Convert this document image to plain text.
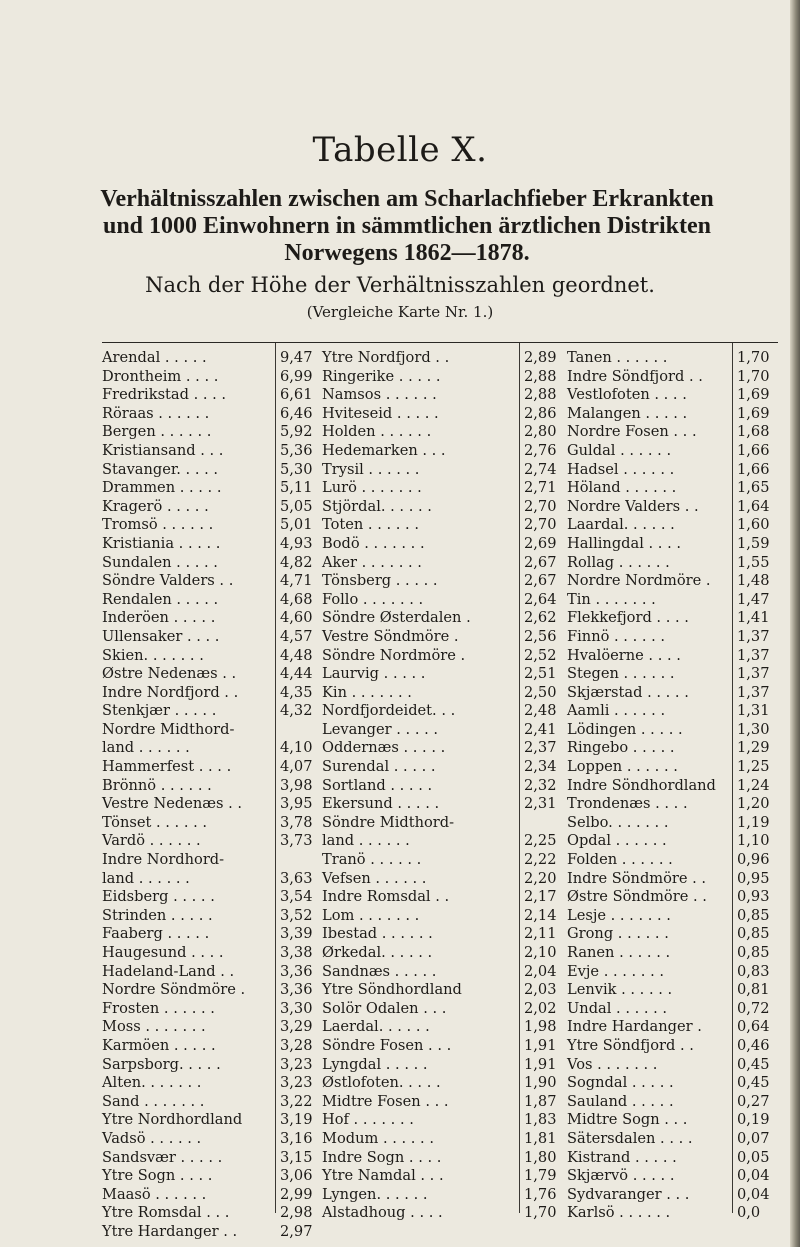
Tabelle X.
Verhältnisszahlen zwischen am Scharlachfieber Erkrankten und 1000 Einwohnern in sämmtlichen ärztlichen Distrikten Norwegens 1862—1878.
Nach der Höhe der Verhältnisszahlen geordnet.
(Vergleiche Karte Nr. 1.)
Arendal . . . . .
Drontheim . . . .
Fredrikstad . . . .
Röraas . . . . . .
Bergen . . . . . .
Kristiansand . . .
Stavanger. . . . .
Drammen . . . . .
Kragerö . . . . .
Tromsö . . . . . .
Kristiania . . . . .
Sundalen . . . . .
Söndre Valders . .
Rendalen . . . . .
Inderöen . . . . .
Ullensaker . . . .
Skien. . . . . . .
Østre Nedenæs . .
Indre Nordfjord . .
Stenkjær . . . . .
Nordre Midthord-
land . . . . . .
Hammerfest . . . .
Brönnö . . . . . .
Vestre Nedenæs . .
Tönset . . . . . .
Vardö . . . . . .
Indre Nordhord-
land . . . . . .
Eidsberg . . . . .
Strinden . . . . .
Faaberg . . . . .
Haugesund . . . .
Hadeland-Land . .
Nordre Söndmöre .
Frosten . . . . . .
Moss . . . . . . .
Karmöen . . . . .
Sarpsborg. . . . .
Alten. . . . . . .
Sand . . . . . . .
Ytre Nordhordland
Vadsö . . . . . .
Sandsvær . . . . .
Ytre Sogn . . . .
Maasö . . . . . .
Ytre Romsdal . . .
Ytre Hardanger . .
9,47
6,99
6,61
6,46
5,92
5,36
5,30
5,11
5,05
5,01
4,93
4,82
4,71
4,68
4,60
4,57
4,48
4,44
4,35
4,32
4,10
4,07
3,98
3,95
3,78
3,73
3,63
3,54
3,52
3,39
3,38
3,36
3,36
3,30
3,29
3,28
3,23
3,23
3,22
3,19
3,16
3,15
3,06
2,99
2,98
2,97
Ytre Nordfjord . .
Ringerike . . . . .
Namsos . . . . . .
Hviteseid . . . . .
Holden . . . . . .
Hedemarken . . .
Trysil . . . . . .
Lurö . . . . . . .
Stjördal. . . . . .
Toten . . . . . .
Bodö . . . . . . .
Aker . . . . . . .
Tönsberg . . . . .
Follo . . . . . . .
Söndre Østerdalen .
Vestre Söndmöre .
Söndre Nordmöre .
Laurvig . . . . .
Kin . . . . . . .
Nordfjordeidet. . .
Levanger . . . . .
Oddernæs . . . . .
Surendal . . . . .
Sortland . . . . .
Ekersund . . . . .
Söndre Midthord-
land . . . . . .
Tranö . . . . . .
Vefsen . . . . . .
Indre Romsdal . .
Lom . . . . . . .
Ibestad . . . . . .
Ørkedal. . . . . .
Sandnæs . . . . .
Ytre Söndhordland
Solör Odalen . . .
Laerdal. . . . . .
Söndre Fosen . . .
Lyngdal . . . . .
Østlofoten. . . . .
Midtre Fosen . . .
Hof . . . . . . .
Modum . . . . . .
Indre Sogn . . . .
Ytre Namdal . . .
Lyngen. . . . . .
Alstadhoug . . . .
2,89
2,88
2,88
2,86
2,80
2,76
2,74
2,71
2,70
2,70
2,69
2,67
2,67
2,64
2,62
2,56
2,52
2,51
2,50
2,48
2,41
2,37
2,34
2,32
2,31
2,25
2,22
2,20
2,17
2,14
2,11
2,10
2,04
2,03
2,02
1,98
1,91
1,91
1,90
1,87
1,83
1,81
1,80
1,79
1,76
1,70
Tanen . . . . . .
Indre Söndfjord . .
Vestlofoten . . . .
Malangen . . . . .
Nordre Fosen . . .
Guldal . . . . . .
Hadsel . . . . . .
Höland . . . . . .
Nordre Valders . .
Laardal. . . . . .
Hallingdal . . . .
Rollag . . . . . .
Nordre Nordmöre .
Tin . . . . . . .
Flekkefjord . . . .
Finnö . . . . . .
Hvalöerne . . . .
Stegen . . . . . .
Skjærstad . . . . .
Aamli . . . . . .
Lödingen . . . . .
Ringebo . . . . .
Loppen . . . . . .
Indre Söndhordland
Trondenæs . . . .
Selbo. . . . . . .
Opdal . . . . . .
Folden . . . . . .
Indre Söndmöre . .
Østre Söndmöre . .
Lesje . . . . . . .
Grong . . . . . .
Ranen . . . . . .
Evje . . . . . . .
Lenvik . . . . . .
Undal . . . . . .
Indre Hardanger .
Ytre Söndfjord . .
Vos . . . . . . .
Sogndal . . . . .
Sauland . . . . .
Midtre Sogn . . .
Sätersdalen . . . .
Kistrand . . . . .
Skjærvö . . . . .
Sydvaranger . . .
Karlsö . . . . . .
1,70
1,70
1,69
1,69
1,68
1,66
1,66
1,65
1,64
1,60
1,59
1,55
1,48
1,47
1,41
1,37
1,37
1,37
1,37
1,31
1,30
1,29
1,25
1,24
1,20
1,19
1,10
0,96
0,95
0,93
0,85
0,85
0,85
0,83
0,81
0,72
0,64
0,46
0,45
0,45
0,27
0,19
0,07
0,05
0,04
0,04
0,0
